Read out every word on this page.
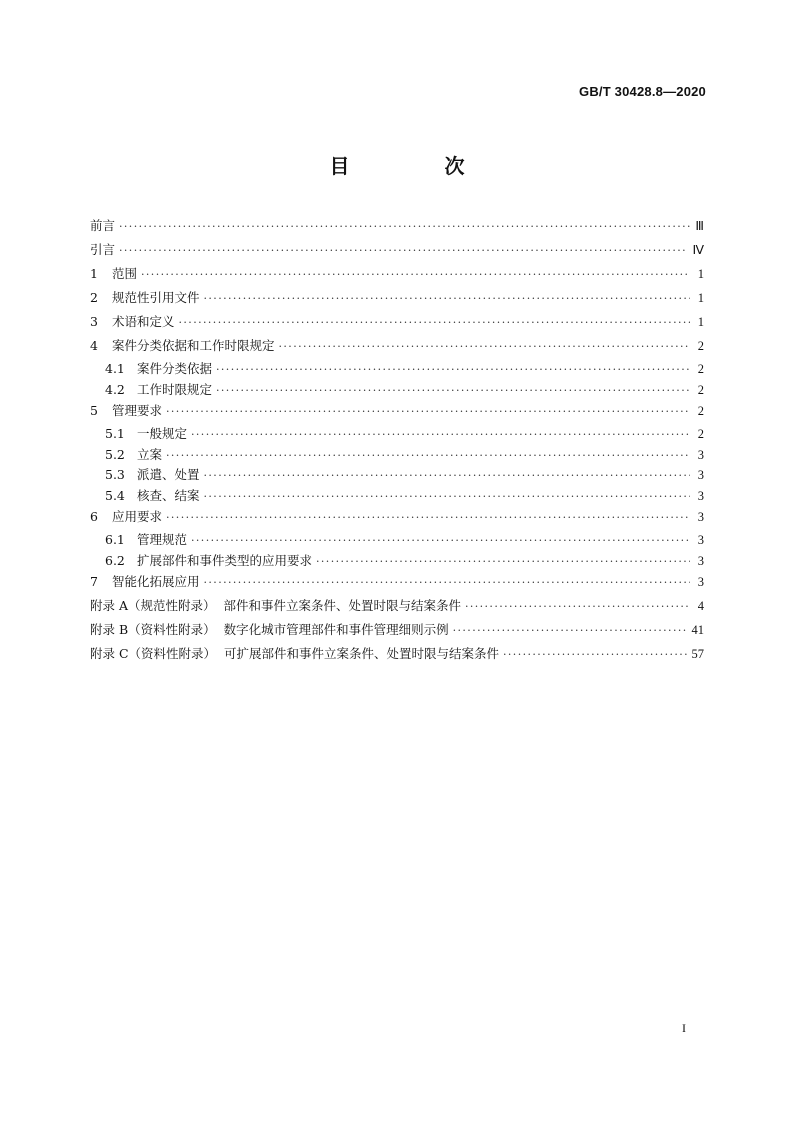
GB/T 30428.8—2020
目 次
前言 ·····	Ⅲ
引言 ·····	Ⅳ
1	范围 ·····	1
2	规范性引用文件 ·····	1
3	术语和定义 ·····	1
4	案件分类依据和工作时限规定 ·····	2
4.1 案件分类依据 ·····	2
4.2 工作时限规定 ·····	2
5	管理要求 ·····	2
5.1 一般规定 ·····	2
5.2 立案 ·····	3
5.3 派遣、处置 ·····	3
5.4 核查、结案 ·····	3
6	应用要求 ·····	3
6.1 管理规范 ·····	3
6.2 扩展部件和事件类型的应用要求 ·····	3
7	智能化拓展应用 ·····	3
附录 A（规范性附录）  部件和事件立案条件、处置时限与结案条件 ·····	4
附录 B（资料性附录）  数字化城市管理部件和事件管理细则示例 ·····	41
附录 C（资料性附录）  可扩展部件和事件立案条件、处置时限与结案条件 ·····	57
I
